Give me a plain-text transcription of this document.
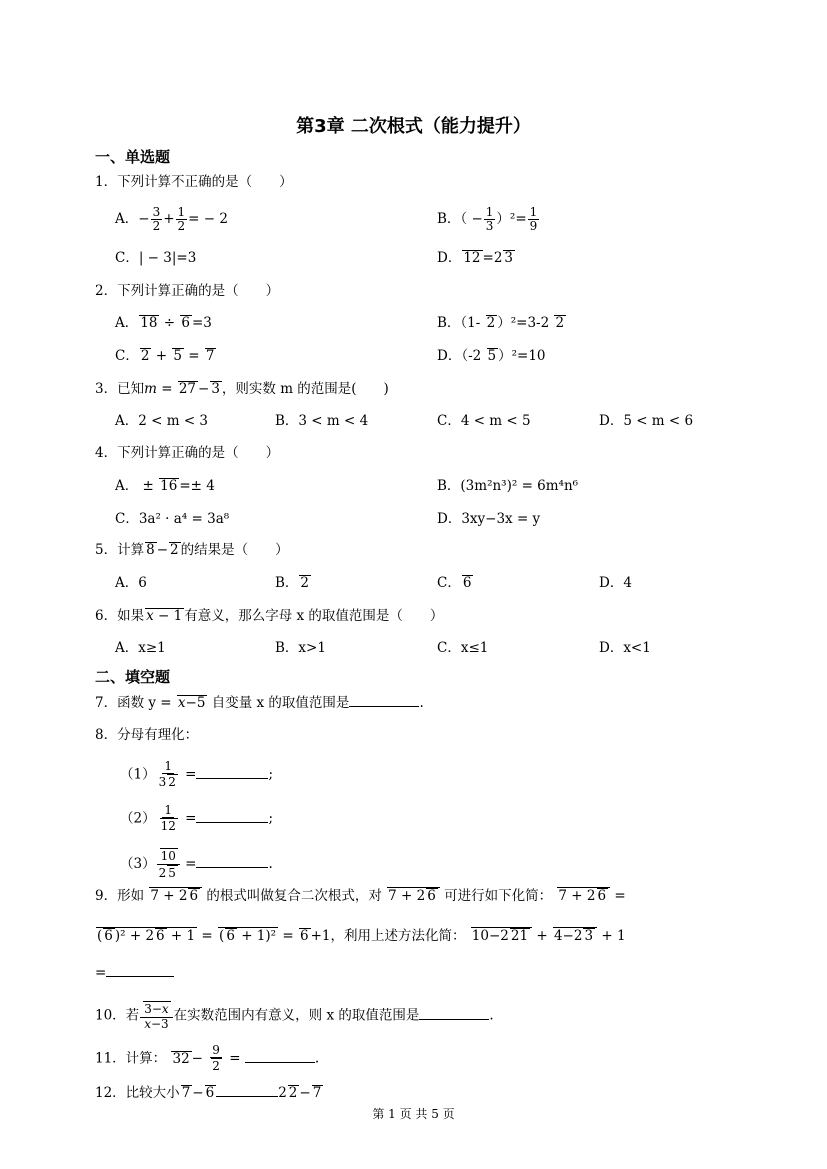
第3章 二次根式（能力提升）
一、单选题
1．下列计算不正确的是（　　）
A．− $\frac{3}{2} + \frac{1}{2}$ = − 2	B．（ − $\frac{1}{3} )^2= \frac{1}{9}$
C．| − 3|=3	D． 12 =2 3
2．下列计算正确的是（　　）
A． 18 ÷ 6 =3	B．（1- 2 ）²=3-2 2
C． 2 + 5 = 7	D．（-2 5 ）²=10
3．已知m = 27 − 3 ，则实数 m 的范围是(　　)
A．2 < m < 3	B．3 < m < 4	C．4 < m < 5	D．5 < m < 6
4．下列计算正确的是（　　）
A． ± 16 =± 4	B．(3m²n³)² = 6m⁴n⁶
C．3a² · a⁴ = 3a⁸	D．3xy−3x = y
5．计算 8 − 2 的结果是（　　）
A．6	B． 2	C． 6	D．4
6．如果 x − 1 有意义，那么字母 x 的取值范围是（　　）
A．x≥1	B．x>1	C．x≤1	D．x<1
二、填空题
7．函数 y = x−5 自变量 x 的取值范围是	.
8．分母有理化：
$(1) \frac{1}{3 2}$ =	;
$(2) \frac{1}{12}$ =	;
$(3) \frac{10}{2 5}$ =	.
9．形如 7 + 2 6 的根式叫做复合二次根式，对 7 + 2 6 可进行如下化简： 7 + 2 6 =
( 6 )² + 2 6 + 1 = ( 6 + 1)² = 6 +1，利用上述方法化简： 10−2 21 + 4−2 3 + 1
=
10．若 $\frac{3-x}{x-3}$ 在实数范围内有意义，则 x 的取值范围是	.
11．计算： $32 - \frac{9}{2}$ =	.
12．比较大小 7 − 6	2 2 − 7
第 1 页 共 5 页
